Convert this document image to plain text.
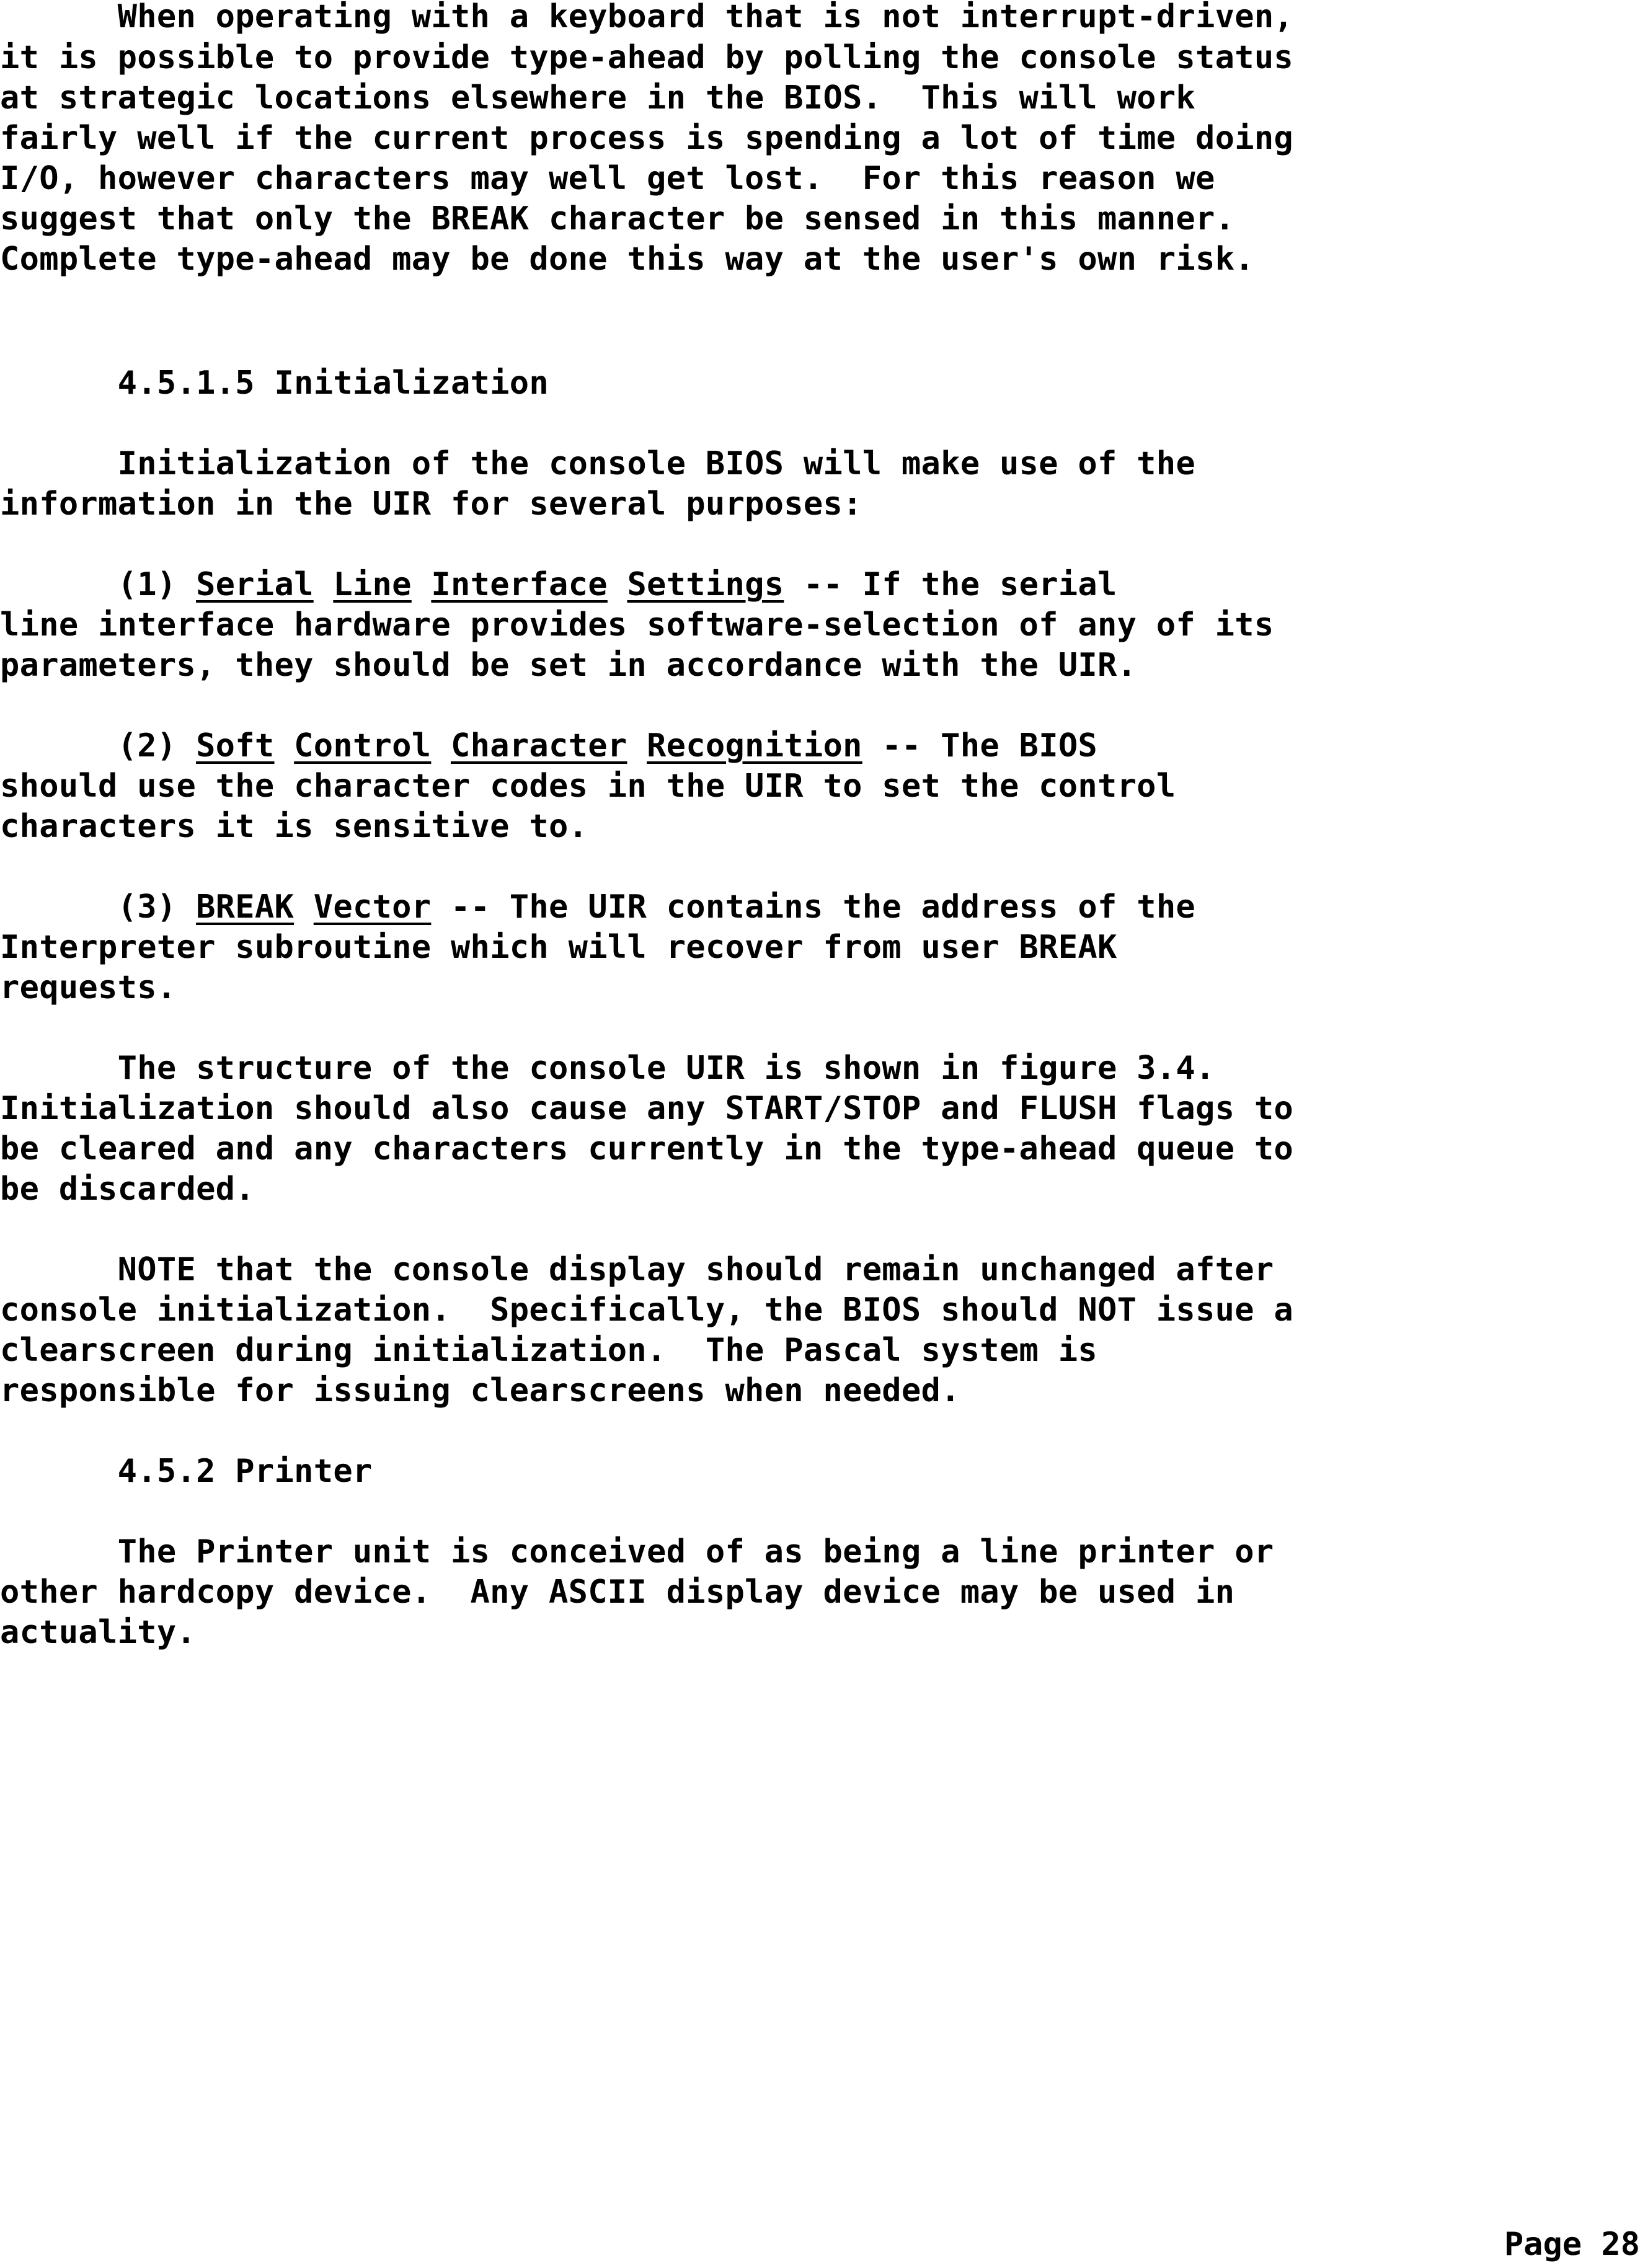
When operating with a keyboard that is not interrupt-driven,
it is possible to provide type-ahead by polling the console status
at strategic locations elsewhere in the BIOS.  This will work
fairly well if the current process is spending a lot of time doing
I/O, however characters may well get lost.  For this reason we
suggest that only the BREAK character be sensed in this manner.
Complete type-ahead may be done this way at the user's own risk.
4.5.1.5 Initialization
Initialization of the console BIOS will make use of the
information in the UIR for several purposes:
(1) Serial Line Interface Settings -- If the serial
line interface hardware provides software-selection of any of its
parameters, they should be set in accordance with the UIR.
(2) Soft Control Character Recognition -- The BIOS
should use the character codes in the UIR to set the control
characters it is sensitive to.
(3) BREAK Vector -- The UIR contains the address of the
Interpreter subroutine which will recover from user BREAK
requests.
The structure of the console UIR is shown in figure 3.4.
Initialization should also cause any START/STOP and FLUSH flags to
be cleared and any characters currently in the type-ahead queue to
be discarded.
NOTE that the console display should remain unchanged after
console initialization.  Specifically, the BIOS should NOT issue a
clearscreen during initialization.  The Pascal system is
responsible for issuing clearscreens when needed.
4.5.2 Printer
The Printer unit is conceived of as being a line printer or
other hardcopy device.  Any ASCII display device may be used in
actuality.
Page 28
